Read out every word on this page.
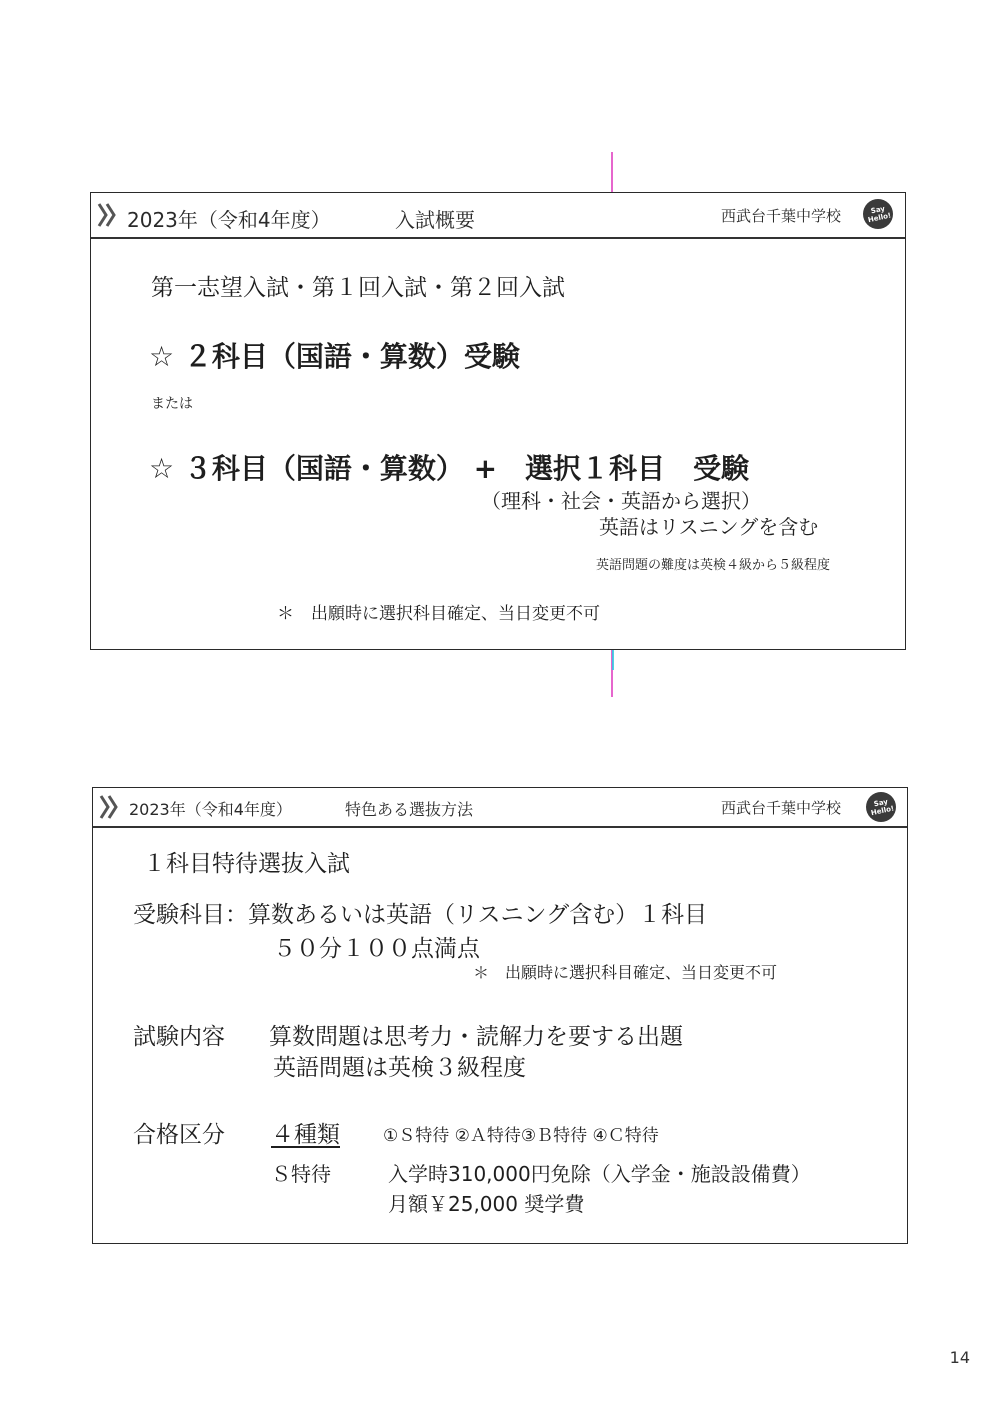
2023年（令和4年度）	入試概要	西武台千葉中学校	Say Hello!
第一志望入試・第１回入試・第２回入試
☆ ２科目（国語・算数）受験
または
☆ ３科目（国語・算数） +　選択１科目　受験
（理科・社会・英語から選択）
英語はリスニングを含む
英語問題の難度は英検４級から５級程度
＊　出願時に選択科目確定、当日変更不可
2023年（令和4年度）	特色ある選抜方法	西武台千葉中学校	Say Hello!
１科目特待選抜入試
受験科目：算数あるいは英語（リスニング含む）１科目
５０分１００点満点
＊　出願時に選択科目確定、当日変更不可
試験内容 算数問題は思考力・読解力を要する出題
英語問題は英検３級程度
合格区分 ４種類	①Ｓ特待 ②Ａ特待③Ｂ特待 ④Ｃ特待
Ｓ特待	入学時310,000円免除（入学金・施設設備費）
月額￥25,000 奨学費
14
